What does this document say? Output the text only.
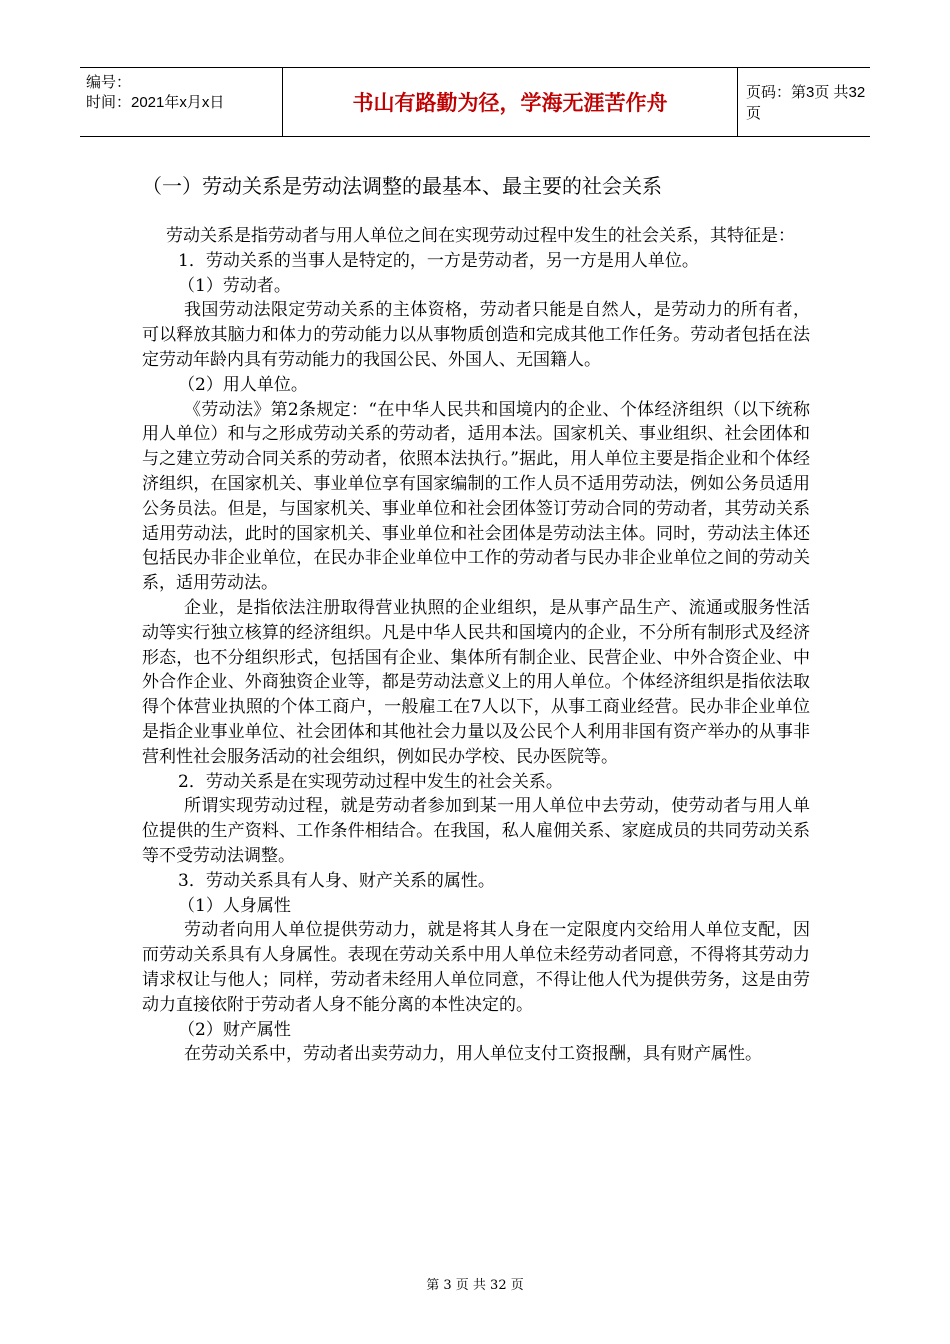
编号：
时间：2021年x月x日	书山有路勤为径，学海无涯苦作舟	页码：第3页 共32页
（一）劳动关系是劳动法调整的最基本、最主要的社会关系

劳动关系是指劳动者与用人单位之间在实现劳动过程中发生的社会关系，其特征是：

1．劳动关系的当事人是特定的，一方是劳动者，另一方是用人单位。

（1）劳动者。

我国劳动法限定劳动关系的主体资格，劳动者只能是自然人，是劳动力的所有者，可以释放其脑力和体力的劳动能力以从事物质创造和完成其他工作任务。劳动者包括在法定劳动年龄内具有劳动能力的我国公民、外国人、无国籍人。

（2）用人单位。

《劳动法》第2条规定：“在中华人民共和国境内的企业、个体经济组织（以下统称用人单位）和与之形成劳动关系的劳动者，适用本法。国家机关、事业组织、社会团体和与之建立劳动合同关系的劳动者，依照本法执行。”据此，用人单位主要是指企业和个体经济组织，在国家机关、事业单位享有国家编制的工作人员不适用劳动法，例如公务员适用公务员法。但是，与国家机关、事业单位和社会团体签订劳动合同的劳动者，其劳动关系适用劳动法，此时的国家机关、事业单位和社会团体是劳动法主体。同时，劳动法主体还包括民办非企业单位，在民办非企业单位中工作的劳动者与民办非企业单位之间的劳动关系，适用劳动法。

企业，是指依法注册取得营业执照的企业组织，是从事产品生产、流通或服务性活动等实行独立核算的经济组织。凡是中华人民共和国境内的企业，不分所有制形式及经济形态，也不分组织形式，包括国有企业、集体所有制企业、民营企业、中外合资企业、中外合作企业、外商独资企业等，都是劳动法意义上的用人单位。个体经济组织是指依法取得个体营业执照的个体工商户，一般雇工在7人以下，从事工商业经营。民办非企业单位是指企业事业单位、社会团体和其他社会力量以及公民个人利用非国有资产举办的从事非营利性社会服务活动的社会组织，例如民办学校、民办医院等。

2．劳动关系是在实现劳动过程中发生的社会关系。

所谓实现劳动过程，就是劳动者参加到某一用人单位中去劳动，使劳动者与用人单位提供的生产资料、工作条件相结合。在我国，私人雇佣关系、家庭成员的共同劳动关系等不受劳动法调整。

3．劳动关系具有人身、财产关系的属性。

（1）人身属性

劳动者向用人单位提供劳动力，就是将其人身在一定限度内交给用人单位支配，因而劳动关系具有人身属性。表现在劳动关系中用人单位未经劳动者同意，不得将其劳动力请求权让与他人；同样，劳动者未经用人单位同意，不得让他人代为提供劳务，这是由劳动力直接依附于劳动者人身不能分离的本性决定的。

（2）财产属性

在劳动关系中，劳动者出卖劳动力，用人单位支付工资报酬，具有财产属性。

第 3 页 共 32 页
